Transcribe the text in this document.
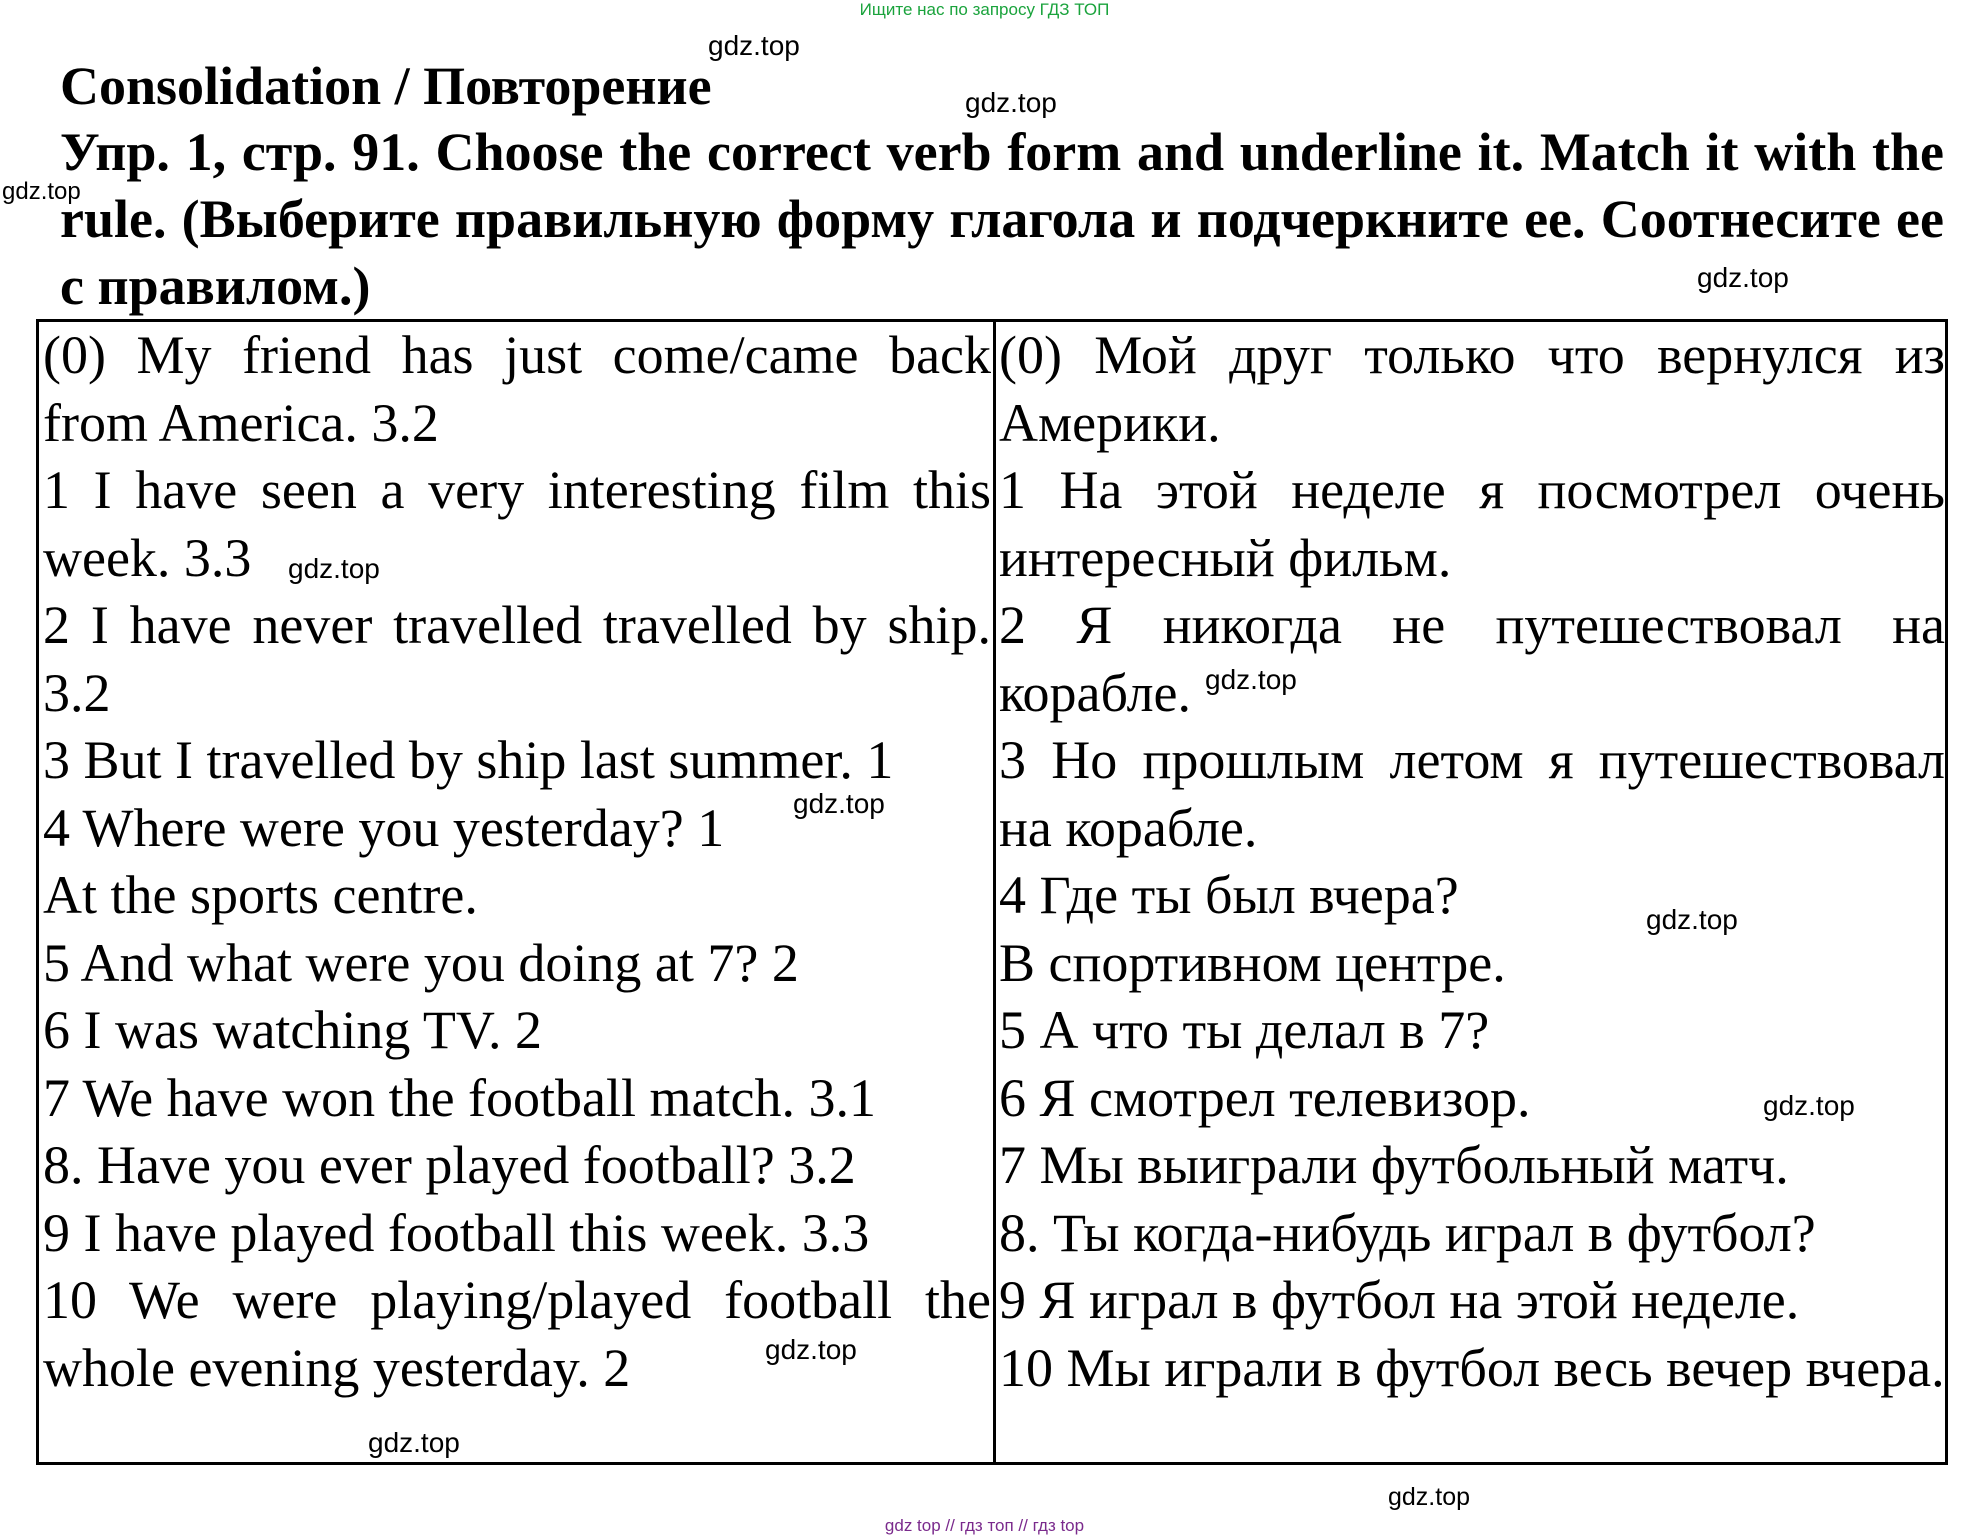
Ищите нас по запросу ГДЗ ТОП
Consolidation / Повторение
Упр. 1, стр. 91. Choose the correct verb form and underline it. Match it with the rule. (Выберите правильную форму глагола и подчеркните ее. Соотнесите ее с правилом.)

(0) My friend has just come/came back from America. 3.2

1 I have seen a very interesting film this week. 3.3

2 I have never travelled travelled by ship. 3.2

3 But I travelled by ship last summer. 1

4 Where were you yesterday? 1

At the sports centre.

5 And what were you doing at 7? 2

6 I was watching TV. 2

7 We have won the football match. 3.1

8. Have you ever played football? 3.2

9 I have played football this week. 3.3

10 We were playing/played football the whole evening yesterday. 2

(0) Мой друг только что вернулся из Америки.

1 На этой неделе я посмотрел очень интересный фильм.

2 Я никогда не путешествовал на корабле.

3 Но прошлым летом я путешествовал на корабле.

4 Где ты был вчера?

В спортивном центре.

5 А что ты делал в 7?

6 Я смотрел телевизор.

7 Мы выиграли футбольный матч.

8. Ты когда-нибудь играл в футбол?

9 Я играл в футбол на этой неделе.

10 Мы играли в футбол весь вечер вчера.

gdz.top
gdz.top
gdz.top
gdz.top
gdz.top
gdz.top
gdz.top
gdz.top
gdz.top
gdz.top
gdz.top
gdz.top
gdz top // гдз топ // гдз top
